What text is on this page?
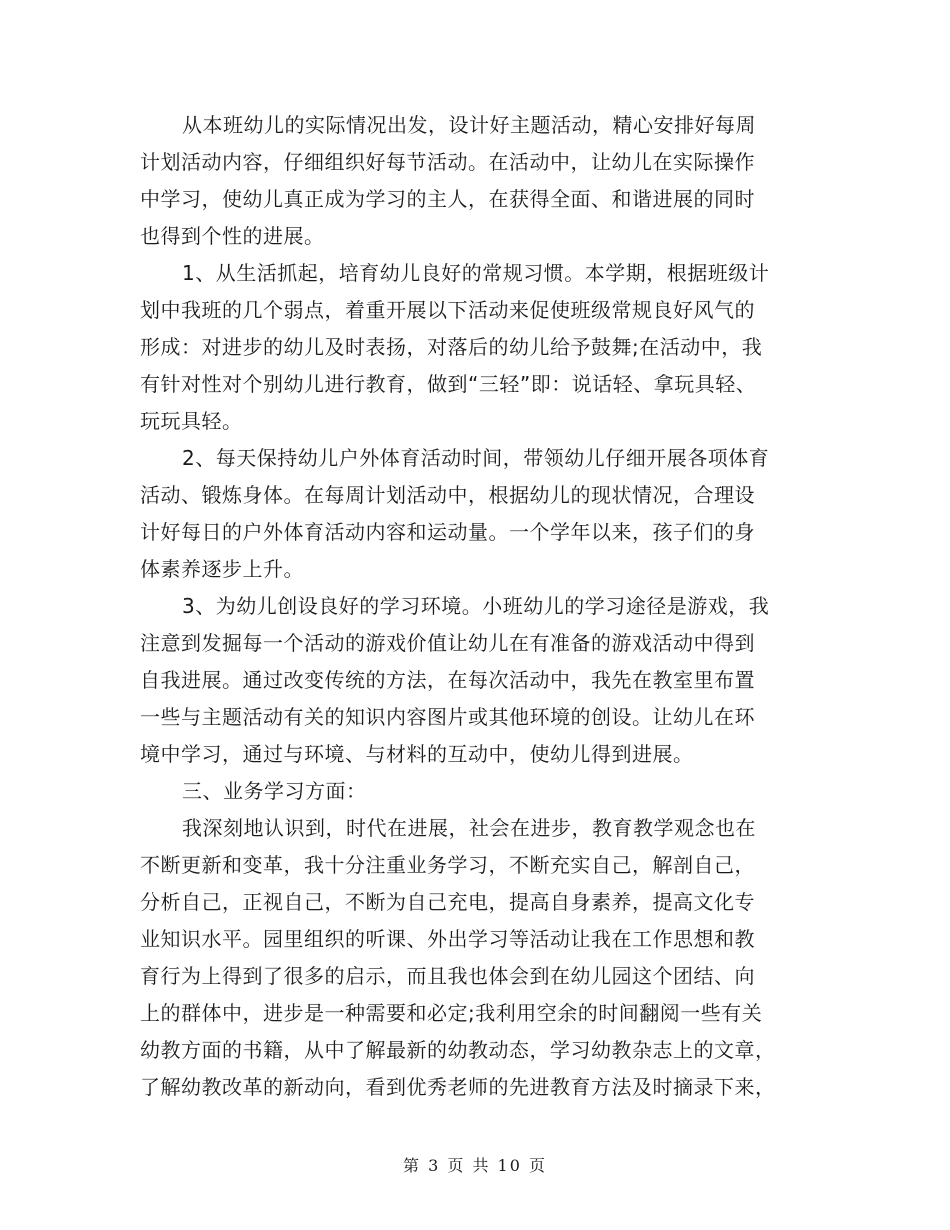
从本班幼儿的实际情况出发，设计好主题活动，精心安排好每周
计划活动内容，仔细组织好每节活动。在活动中，让幼儿在实际操作
中学习，使幼儿真正成为学习的主人，在获得全面、和谐进展的同时
也得到个性的进展。
1、从生活抓起，培育幼儿良好的常规习惯。本学期，根据班级计
划中我班的几个弱点，着重开展以下活动来促使班级常规良好风气的
形成：对进步的幼儿及时表扬，对落后的幼儿给予鼓舞;在活动中，我
有针对性对个别幼儿进行教育，做到“三轻”即：说话轻、拿玩具轻、
玩玩具轻。
2、每天保持幼儿户外体育活动时间，带领幼儿仔细开展各项体育
活动、锻炼身体。在每周计划活动中，根据幼儿的现状情况，合理设
计好每日的户外体育活动内容和运动量。一个学年以来，孩子们的身
体素养逐步上升。
3、为幼儿创设良好的学习环境。小班幼儿的学习途径是游戏，我
注意到发掘每一个活动的游戏价值让幼儿在有准备的游戏活动中得到
自我进展。通过改变传统的方法，在每次活动中，我先在教室里布置
一些与主题活动有关的知识内容图片或其他环境的创设。让幼儿在环
境中学习，通过与环境、与材料的互动中，使幼儿得到进展。
三、业务学习方面：
我深刻地认识到，时代在进展，社会在进步，教育教学观念也在
不断更新和变革，我十分注重业务学习，不断充实自己，解剖自己，
分析自己，正视自己，不断为自己充电，提高自身素养，提高文化专
业知识水平。园里组织的听课、外出学习等活动让我在工作思想和教
育行为上得到了很多的启示，而且我也体会到在幼儿园这个团结、向
上的群体中，进步是一种需要和必定;我利用空余的时间翻阅一些有关
幼教方面的书籍，从中了解最新的幼教动态，学习幼教杂志上的文章，
了解幼教改革的新动向，看到优秀老师的先进教育方法及时摘录下来，
第 3 页 共 10 页
